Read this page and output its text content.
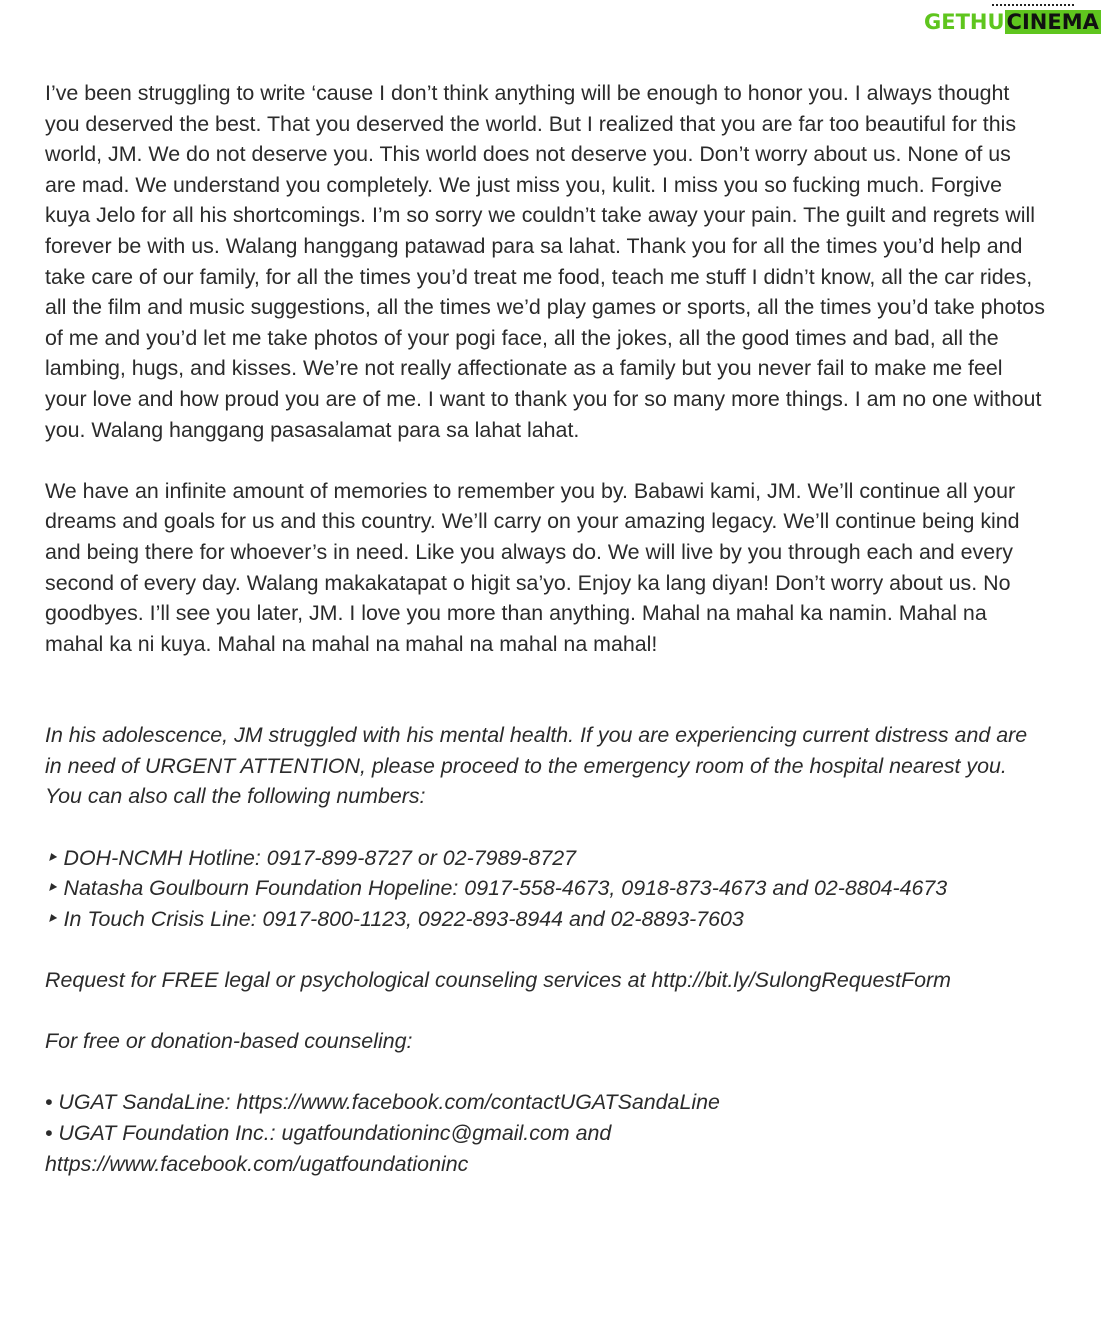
GETHUCINEMA

I’ve been struggling to write ‘cause I don’t think anything will be enough to honor you. I always thought you deserved the best. That you deserved the world. But I realized that you are far too beautiful for this world, JM. We do not deserve you. This world does not deserve you. Don’t worry about us. None of us are mad. We understand you completely. We just miss you, kulit. I miss you so fucking much. Forgive kuya Jelo for all his shortcomings. I’m so sorry we couldn’t take away your pain. The guilt and regrets will forever be with us. Walang hanggang patawad para sa lahat. Thank you for all the times you’d help and take care of our family, for all the times you’d treat me food, teach me stuff I didn’t know, all the car rides, all the film and music suggestions, all the times we’d play games or sports, all the times you’d take photos of me and you’d let me take photos of your pogi face, all the jokes, all the good times and bad, all the lambing, hugs, and kisses. We’re not really affectionate as a family but you never fail to make me feel your love and how proud you are of me. I want to thank you for so many more things. I am no one without you. Walang hanggang pasasalamat para sa lahat lahat.

We have an infinite amount of memories to remember you by. Babawi kami, JM. We’ll continue all your dreams and goals for us and this country. We’ll carry on your amazing legacy. We’ll continue being kind and being there for whoever’s in need. Like you always do. We will live by you through each and every second of every day. Walang makakatapat o higit sa’yo. Enjoy ka lang diyan! Don’t worry about us. No goodbyes. I’ll see you later, JM. I love you more than anything. Mahal na mahal ka namin. Mahal na mahal ka ni kuya. Mahal na mahal na mahal na mahal na mahal!

In his adolescence, JM struggled with his mental health. If you are experiencing current distress and are in need of URGENT ATTENTION, please proceed to the emergency room of the hospital nearest you. You can also call the following numbers:

‣ DOH-NCMH Hotline: 0917-899-8727 or 02-7989-8727

‣ Natasha Goulbourn Foundation Hopeline: 0917-558-4673, 0918-873-4673 and 02-8804-4673

‣ In Touch Crisis Line: 0917-800-1123, 0922-893-8944 and 02-8893-7603

Request for FREE legal or psychological counseling services at http://bit.ly/SulongRequestForm

For free or donation-based counseling:

• UGAT SandaLine: https://www.facebook.com/contactUGATSandaLine

• UGAT Foundation Inc.: ugatfoundationinc@gmail.com and

https://www.facebook.com/ugatfoundationinc
